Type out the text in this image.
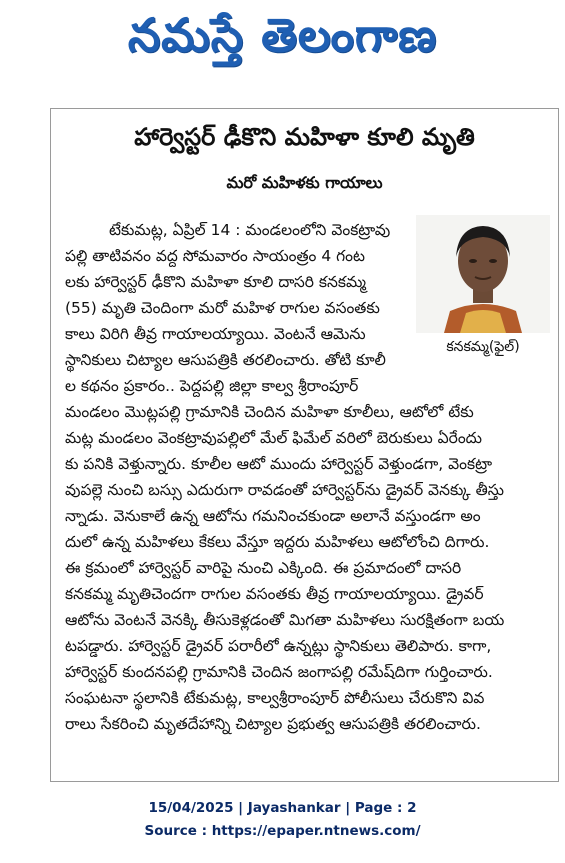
నమస్తే తెలంగాణ
హార్వెస్టర్ ఢీకొని మహిళా కూలి మృతి
మరో మహిళకు గాయాలు
కనకమ్మ(ఫైల్)
టేకుమట్ల, ఏప్రిల్ 14 : మండలంలోని వెంకట్రావు
పల్లి తాటివనం వద్ద సోమవారం సాయంత్రం 4 గంట
లకు హార్వెస్టర్ ఢీకొని మహిళా కూలి దాసరి కనకమ్మ
(55) మృతి చెందింగా మరో మహిళ రాగుల వసంతకు
కాలు విరిగి తీవ్ర గాయాలయ్యాయి. వెంటనే ఆమెను
స్థానికులు చిట్యాల ఆసుపత్రికి తరలించారు. తోటి కూలీ
ల కథనం ప్రకారం.. పెద్దపల్లి జిల్లా కాల్వ శ్రీరాంపూర్
మండలం మొట్లపల్లి గ్రామానికి చెందిన మహిళా కూలీలు, ఆటోలో టేకు
మట్ల మండలం వెంకట్రావుపల్లిలో మేల్ ఫిమేల్ వరిలో బెరుకులు ఏరేందు
కు పనికి వెళ్తున్నారు. కూలీల ఆటో ముందు హార్వెస్టర్ వెళ్తుండగా, వెంకట్రా
వుపల్లె నుంచి బస్సు ఎదురుగా రావడంతో హార్వెస్టర్‌ను డ్రైవర్ వెనక్కు తీస్తు
న్నాడు. వెనుకాలే ఉన్న ఆటోను గమనించకుండా అలానే వస్తుండగా అం
దులో ఉన్న మహిళలు కేకలు వేస్తూ ఇద్దరు మహిళలు ఆటోలోంచి దిగారు.
ఈ క్రమంలో హార్వెస్టర్ వారిపై నుంచి ఎక్కింది. ఈ ప్రమాదంలో దాసరి
కనకమ్మ మృతిచెందగా రాగుల వసంతకు తీవ్ర గాయాలయ్యాయి. డ్రైవర్
ఆటోను వెంటనే వెనక్కి తీసుకెళ్లడంతో మిగతా మహిళలు సురక్షితంగా బయ
టపడ్డారు. హార్వెస్టర్ డ్రైవర్ పరారీలో ఉన్నట్లు స్థానికులు తెలిపారు. కాగా,
హార్వెస్టర్ కుందనపల్లి గ్రామానికి చెందిన జంగాపల్లి రమేష్‌దిగా గుర్తించారు.
సంఘటనా స్థలానికి టేకుమట్ల, కాల్వశ్రీరాంపూర్ పోలీసులు చేరుకొని వివ
రాలు సేకరించి మృతదేహాన్ని చిట్యాల ప్రభుత్వ ఆసుపత్రికి తరలించారు.
15/04/2025 | Jayashankar | Page : 2
Source : https://epaper.ntnews.com/
